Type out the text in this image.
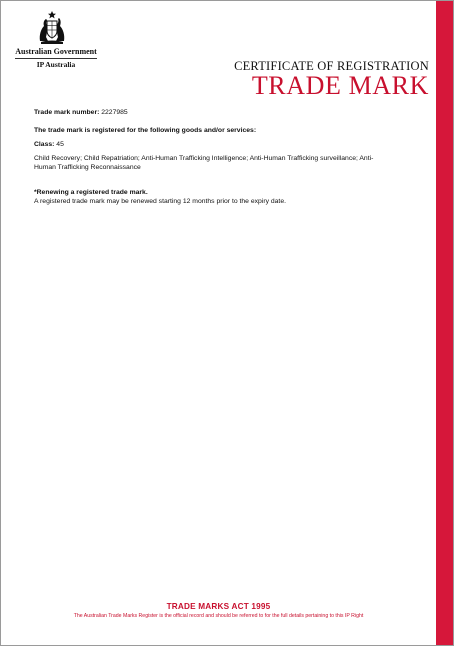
Australian Government
IP Australia	CERTIFICATE OF REGISTRATION
TRADE MARK
Trade mark number: 2227985
The trade mark is registered for the following goods and/or services:
Class: 45
Child Recovery; Child Repatriation; Anti-Human Trafficking Intelligence; Anti-Human Trafficking surveillance; Anti-
Human Trafficking Reconnaissance
*Renewing a registered trade mark.
A registered trade mark may be renewed starting 12 months prior to the expiry date.
TRADE MARKS ACT 1995
The Australian Trade Marks Register is the official record and should be referred to for the full details pertaining to this IP Right
